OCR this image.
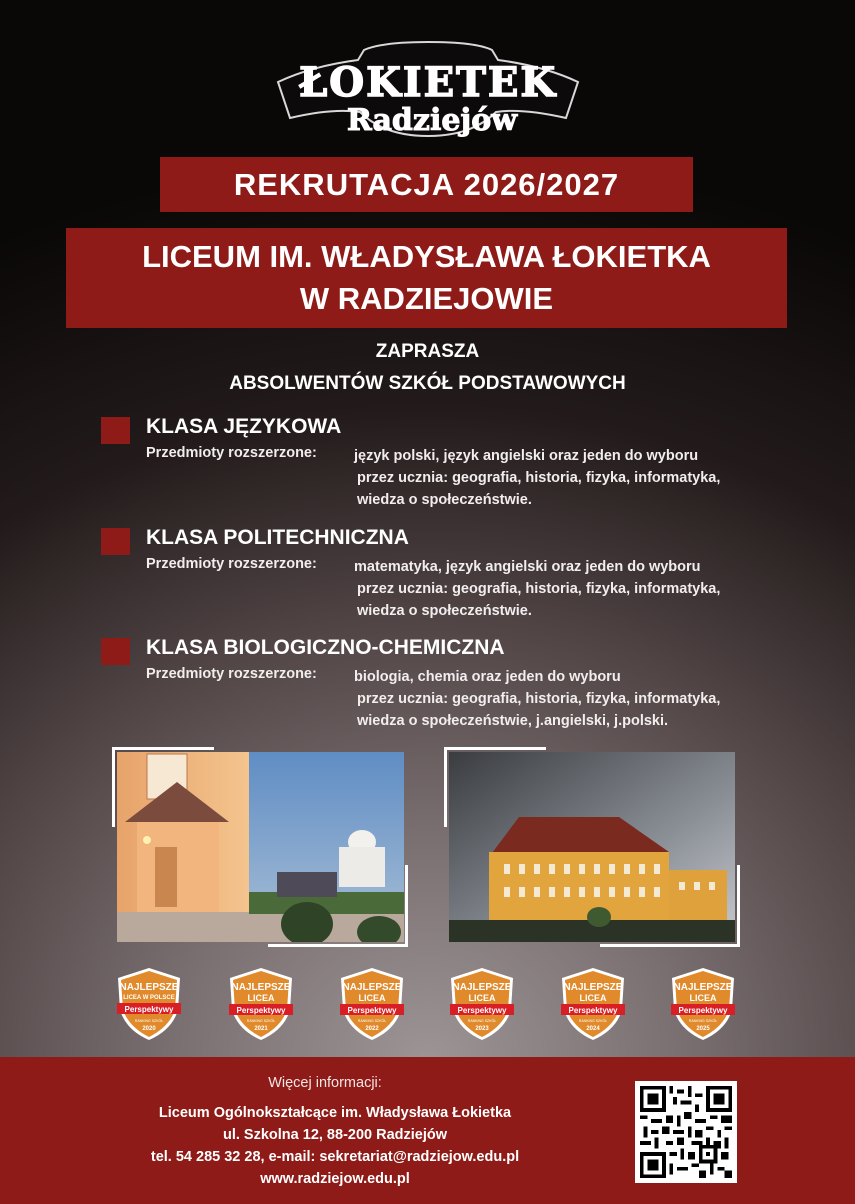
ŁOKIETEK
Radziejów
REKRUTACJA 2026/2027
LICEUM IM. WŁADYSŁAWA ŁOKIETKA
W RADZIEJOWIE
ZAPRASZA
ABSOLWENTÓW SZKÓŁ PODSTAWOWYCH
KLASA JĘZYKOWA
Przedmioty rozszerzone:	język polski, język angielski oraz jeden do wyboru
przez ucznia: geografia, historia, fizyka, informatyka,
wiedza o społeczeństwie.
KLASA POLITECHNICZNA
Przedmioty rozszerzone:	matematyka, język angielski oraz jeden do wyboru
przez ucznia: geografia, historia, fizyka, informatyka,
wiedza o społeczeństwie.
KLASA BIOLOGICZNO-CHEMICZNA
Przedmioty rozszerzone:	biologia, chemia oraz jeden do wyboru
przez ucznia: geografia, historia, fizyka, informatyka,
wiedza o społeczeństwie, j.angielski, j.polski.
NAJLEPSZE
LICEA W POLSCE
Perspektywy
RANKING SZKÓŁ
2020
NAJLEPSZE
LICEA
Perspektywy
RANKING SZKÓŁ
2021
NAJLEPSZE
LICEA
Perspektywy
RANKING SZKÓŁ
2022
NAJLEPSZE
LICEA
Perspektywy
RANKING SZKÓŁ
2023
NAJLEPSZE
LICEA
Perspektywy
RANKING SZKÓŁ
2024
NAJLEPSZE
LICEA
Perspektywy
RANKING SZKÓŁ
2025
Więcej informacji:
Liceum Ogólnokształcące im. Władysława Łokietka
ul. Szkolna 12, 88-200 Radziejów
tel. 54 285 32 28, e-mail: sekretariat@radziejow.edu.pl
www.radziejow.edu.pl
